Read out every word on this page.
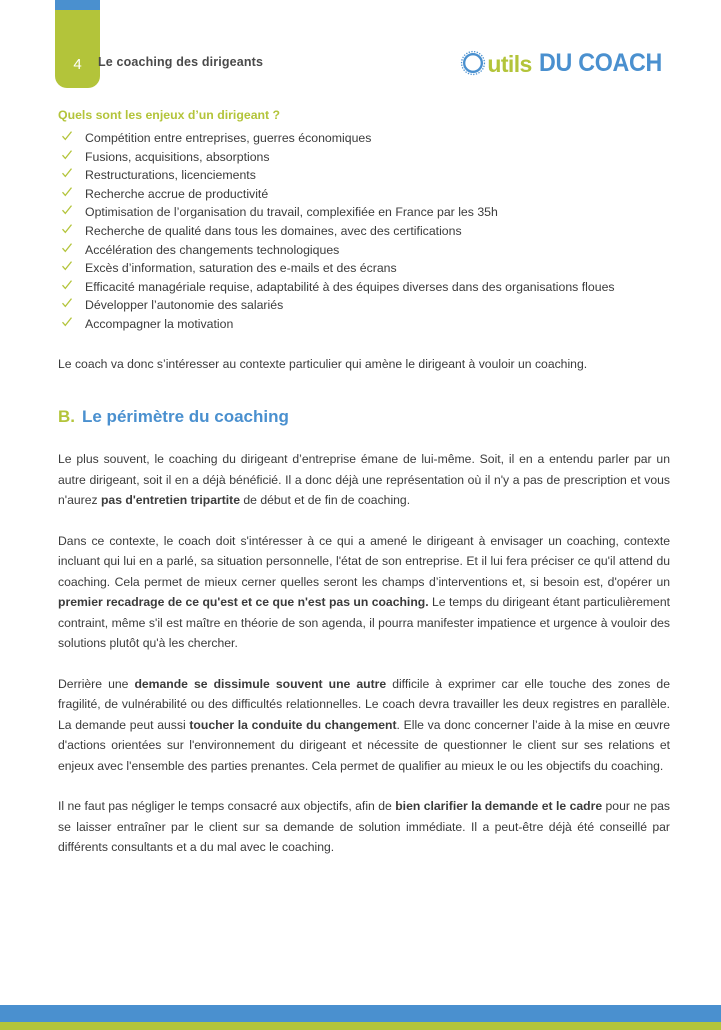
4	Le coaching des dirigeants	utils DU COACH

Quels sont les enjeux d’un dirigeant ?

Compétition entre entreprises, guerres économiques
Fusions, acquisitions, absorptions
Restructurations, licenciements
Recherche accrue de productivité
Optimisation de l’organisation du travail, complexifiée en France par les 35h
Recherche de qualité dans tous les domaines, avec des certifications
Accélération des changements technologiques
Excès d’information, saturation des e-mails et des écrans
Efficacité managériale requise, adaptabilité à des équipes diverses dans des organisations floues
Développer l’autonomie des salariés
Accompagner la motivation

Le coach va donc s’intéresser au contexte particulier qui amène le dirigeant à vouloir un coaching.

B. Le périmètre du coaching

Le plus souvent, le coaching du dirigeant d’entreprise émane de lui-même. Soit, il en a entendu parler par un autre dirigeant, soit il en a déjà bénéficié. Il a donc déjà une représentation où il n'y a pas de prescription et vous n'aurez pas d'entretien tripartite de début et de fin de coaching.

Dans ce contexte, le coach doit s'intéresser à ce qui a amené le dirigeant à envisager un coaching, contexte incluant qui lui en a parlé, sa situation personnelle, l'état de son entreprise. Et il lui fera préciser ce qu'il attend du coaching. Cela permet de mieux cerner quelles seront les champs d’interventions et, si besoin est, d'opérer un premier recadrage de ce qu'est et ce que n'est pas un coaching. Le temps du dirigeant étant particulièrement contraint, même s'il est maître en théorie de son agenda, il pourra manifester impatience et urgence à vouloir des solutions plutôt qu'à les chercher.

Derrière une demande se dissimule souvent une autre difficile à exprimer car elle touche des zones de fragilité, de vulnérabilité ou des difficultés relationnelles. Le coach devra travailler les deux registres en parallèle. La demande peut aussi toucher la conduite du changement. Elle va donc concerner l’aide à la mise en œuvre d'actions orientées sur l'environnement du dirigeant et nécessite de questionner le client sur ses relations et enjeux avec l'ensemble des parties prenantes. Cela permet de qualifier au mieux le ou les objectifs du coaching.

Il ne faut pas négliger le temps consacré aux objectifs, afin de bien clarifier la demande et le cadre pour ne pas se laisser entraîner par le client sur sa demande de solution immédiate. Il a peut-être déjà été conseillé par différents consultants et a du mal avec le coaching.
